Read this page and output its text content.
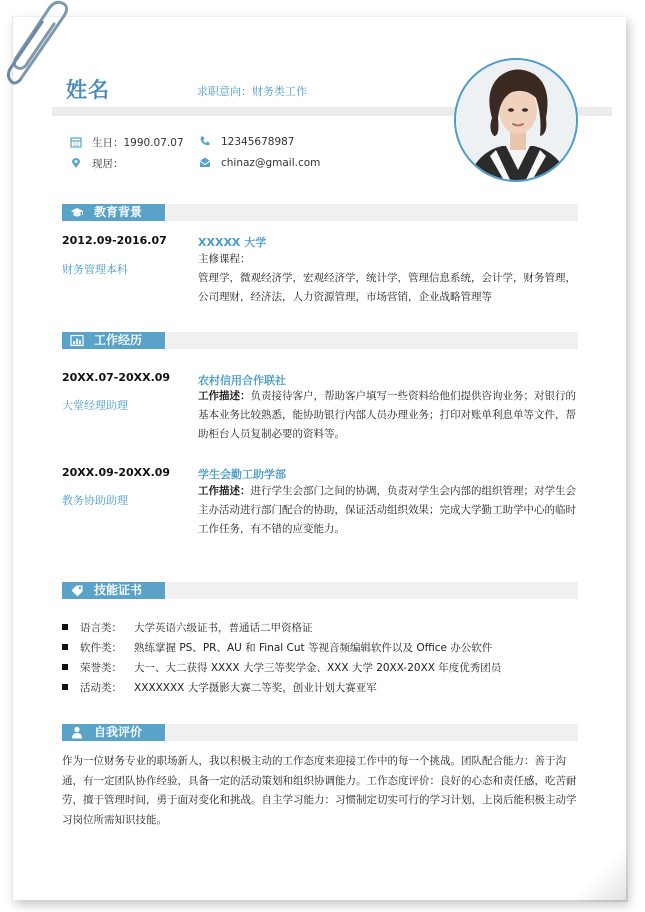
姓名	求职意向：财务类工作
11 生日：1990.07.07
现居：
12345678987
chinaz@gmail.com
教育背景
2012.09-2016.07
财务管理本科
XXXXX 大学
主修课程：
管理学，微观经济学，宏观经济学，统计学，管理信息系统，会计学，财务管理，公司理财，经济法，人力资源管理，市场营销，企业战略管理等
工作经历
20XX.07-20XX.09
大堂经理助理
农村信用合作联社
工作描述：负责接待客户，帮助客户填写一些资料给他们提供咨询业务；对银行的基本业务比较熟悉，能协助银行内部人员办理业务；打印对账单利息单等文件，帮助柜台人员复制必要的资料等。
20XX.09-20XX.09
教务协助助理
学生会勤工助学部
工作描述：进行学生会部门之间的协调，负责对学生会内部的组织管理；对学生会主办活动进行部门配合的协助，保证活动组织效果；完成大学勤工助学中心的临时工作任务，有不错的应变能力。
技能证书
语言类： 大学英语六级证书，普通话二甲资格证
软件类： 熟练掌握 PS、PR、AU 和 Final Cut 等视音频编辑软件以及 Office 办公软件
荣誉类： 大一、大二获得 XXXX 大学三等奖学金、XXX 大学 20XX-20XX 年度优秀团员
活动类： XXXXXXX 大学摄影大赛二等奖，创业计划大赛亚军
自我评价
作为一位财务专业的职场新人，我以积极主动的工作态度来迎接工作中的每一个挑战。团队配合能力：善于沟通，有一定团队协作经验，具备一定的活动策划和组织协调能力。工作态度评价：良好的心态和责任感，吃苦耐劳，擅于管理时间，勇于面对变化和挑战。自主学习能力：习惯制定切实可行的学习计划，上岗后能积极主动学习岗位所需知识技能。
